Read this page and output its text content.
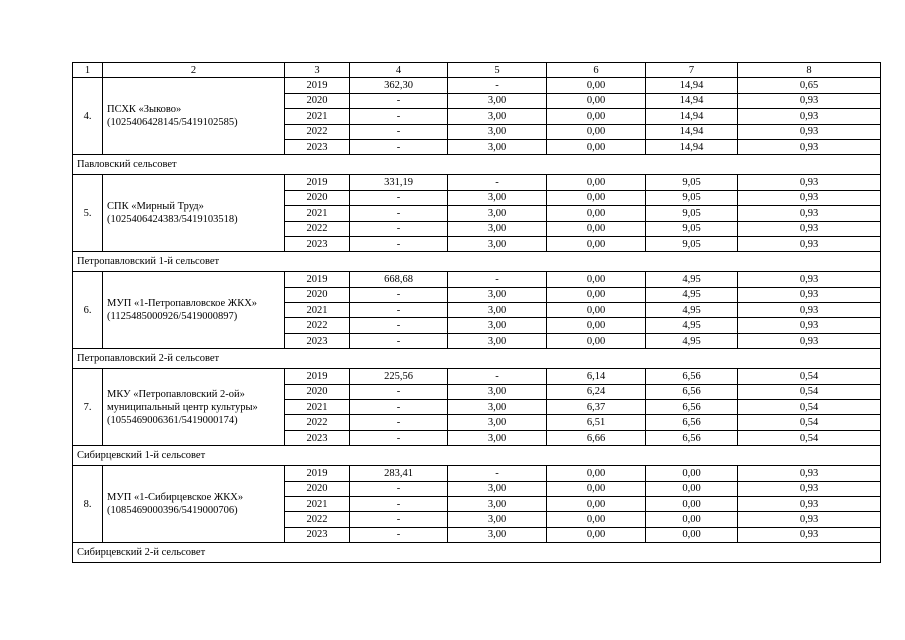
1	2	3	4	5	6	7	8
4.	ПСХК «Зыково» (1025406428145/5419102585)	2019	362,30	-	0,00	14,94	0,65
		2020	-	3,00	0,00	14,94	0,93
		2021	-	3,00	0,00	14,94	0,93
		2022	-	3,00	0,00	14,94	0,93
		2023	-	3,00	0,00	14,94	0,93
Павловский сельсовет							
5.	СПК «Мирный Труд» (1025406424383/5419103518)	2019	331,19	-	0,00	9,05	0,93
		2020	-	3,00	0,00	9,05	0,93
		2021	-	3,00	0,00	9,05	0,93
		2022	-	3,00	0,00	9,05	0,93
		2023	-	3,00	0,00	9,05	0,93
Петропавловский 1-й сельсовет							
6.	МУП «1-Петропавловское ЖКХ» (1125485000926/5419000897)	2019	668,68	-	0,00	4,95	0,93
		2020	-	3,00	0,00	4,95	0,93
		2021	-	3,00	0,00	4,95	0,93
		2022	-	3,00	0,00	4,95	0,93
		2023	-	3,00	0,00	4,95	0,93
Петропавловский 2-й сельсовет							
7.	МКУ «Петропавловский 2-ой» муниципальный центр культуры» (1055469006361/5419000174)	2019	225,56	-	6,14	6,56	0,54
		2020	-	3,00	6,24	6,56	0,54
		2021	-	3,00	6,37	6,56	0,54
		2022	-	3,00	6,51	6,56	0,54
		2023	-	3,00	6,66	6,56	0,54
Сибирцевский 1-й сельсовет							
8.	МУП «1-Сибирцевское ЖКХ» (1085469000396/5419000706)	2019	283,41	-	0,00	0,00	0,93
		2020	-	3,00	0,00	0,00	0,93
		2021	-	3,00	0,00	0,00	0,93
		2022	-	3,00	0,00	0,00	0,93
		2023	-	3,00	0,00	0,00	0,93
Сибирцевский 2-й сельсовет							
